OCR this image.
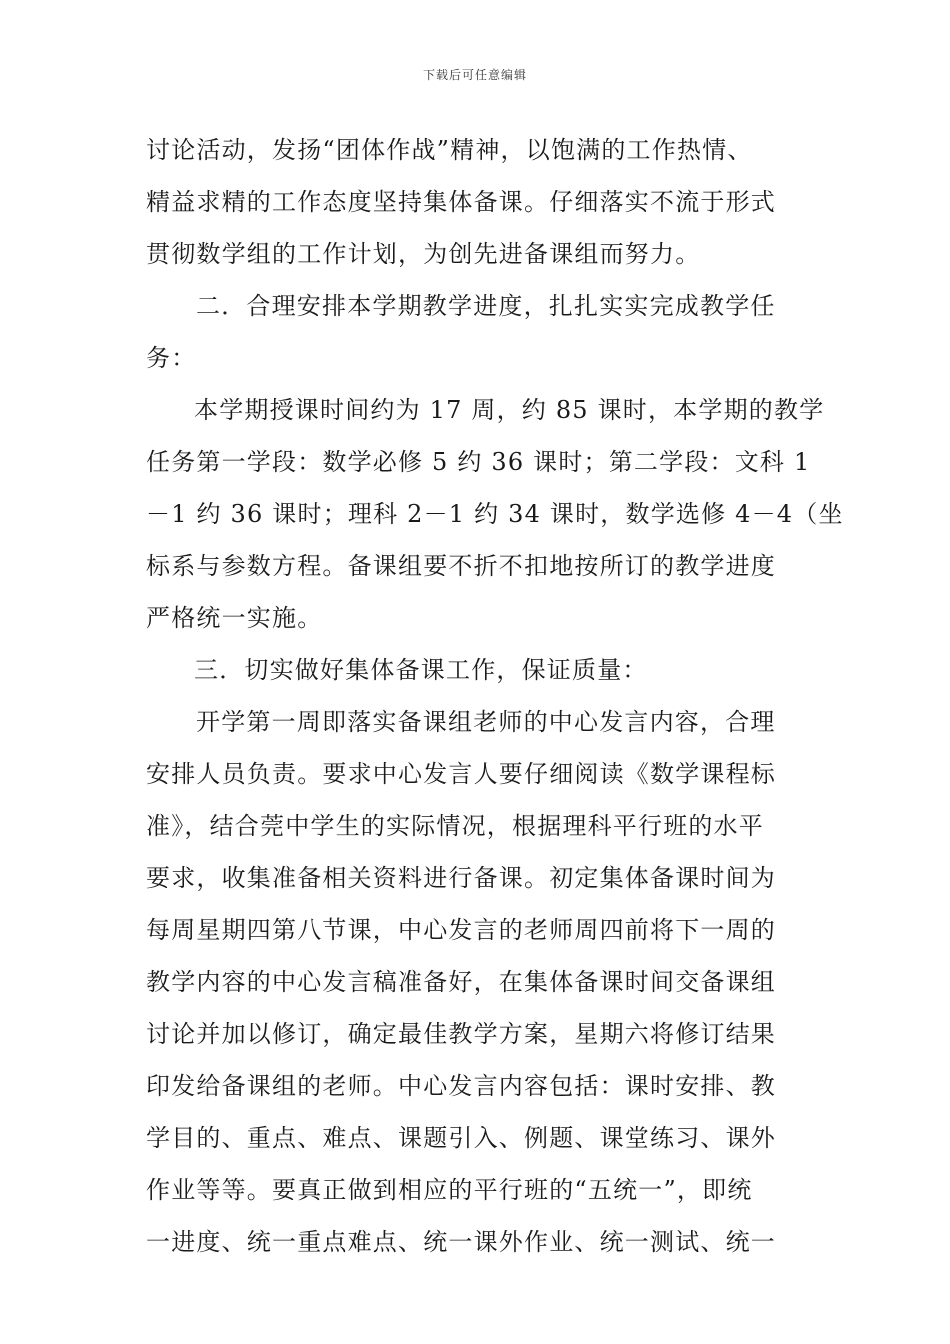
下载后可任意编辑
讨论活动，发扬“团体作战”精神，以饱满的工作热情、
精益求精的工作态度坚持集体备课。仔细落实不流于形式
贯彻数学组的工作计划，为创先进备课组而努力。
二．合理安排本学期教学进度，扎扎实实完成教学任
务：
本学期授课时间约为 17 周，约 85 课时，本学期的教学
任务第一学段：数学必修 5 约 36 课时；第二学段：文科 1
－1 约 36 课时；理科 2－1 约 34 课时，数学选修 4－4（坐
标系与参数方程。备课组要不折不扣地按所订的教学进度
严格统一实施。
三．切实做好集体备课工作，保证质量：
开学第一周即落实备课组老师的中心发言内容，合理
安排人员负责。要求中心发言人要仔细阅读《数学课程标
准》，结合莞中学生的实际情况，根据理科平行班的水平
要求，收集准备相关资料进行备课。初定集体备课时间为
每周星期四第八节课，中心发言的老师周四前将下一周的
教学内容的中心发言稿准备好，在集体备课时间交备课组
讨论并加以修订，确定最佳教学方案，星期六将修订结果
印发给备课组的老师。中心发言内容包括：课时安排、教
学目的、重点、难点、课题引入、例题、课堂练习、课外
作业等等。要真正做到相应的平行班的“五统一”，即统
一进度、统一重点难点、统一课外作业、统一测试、统一
